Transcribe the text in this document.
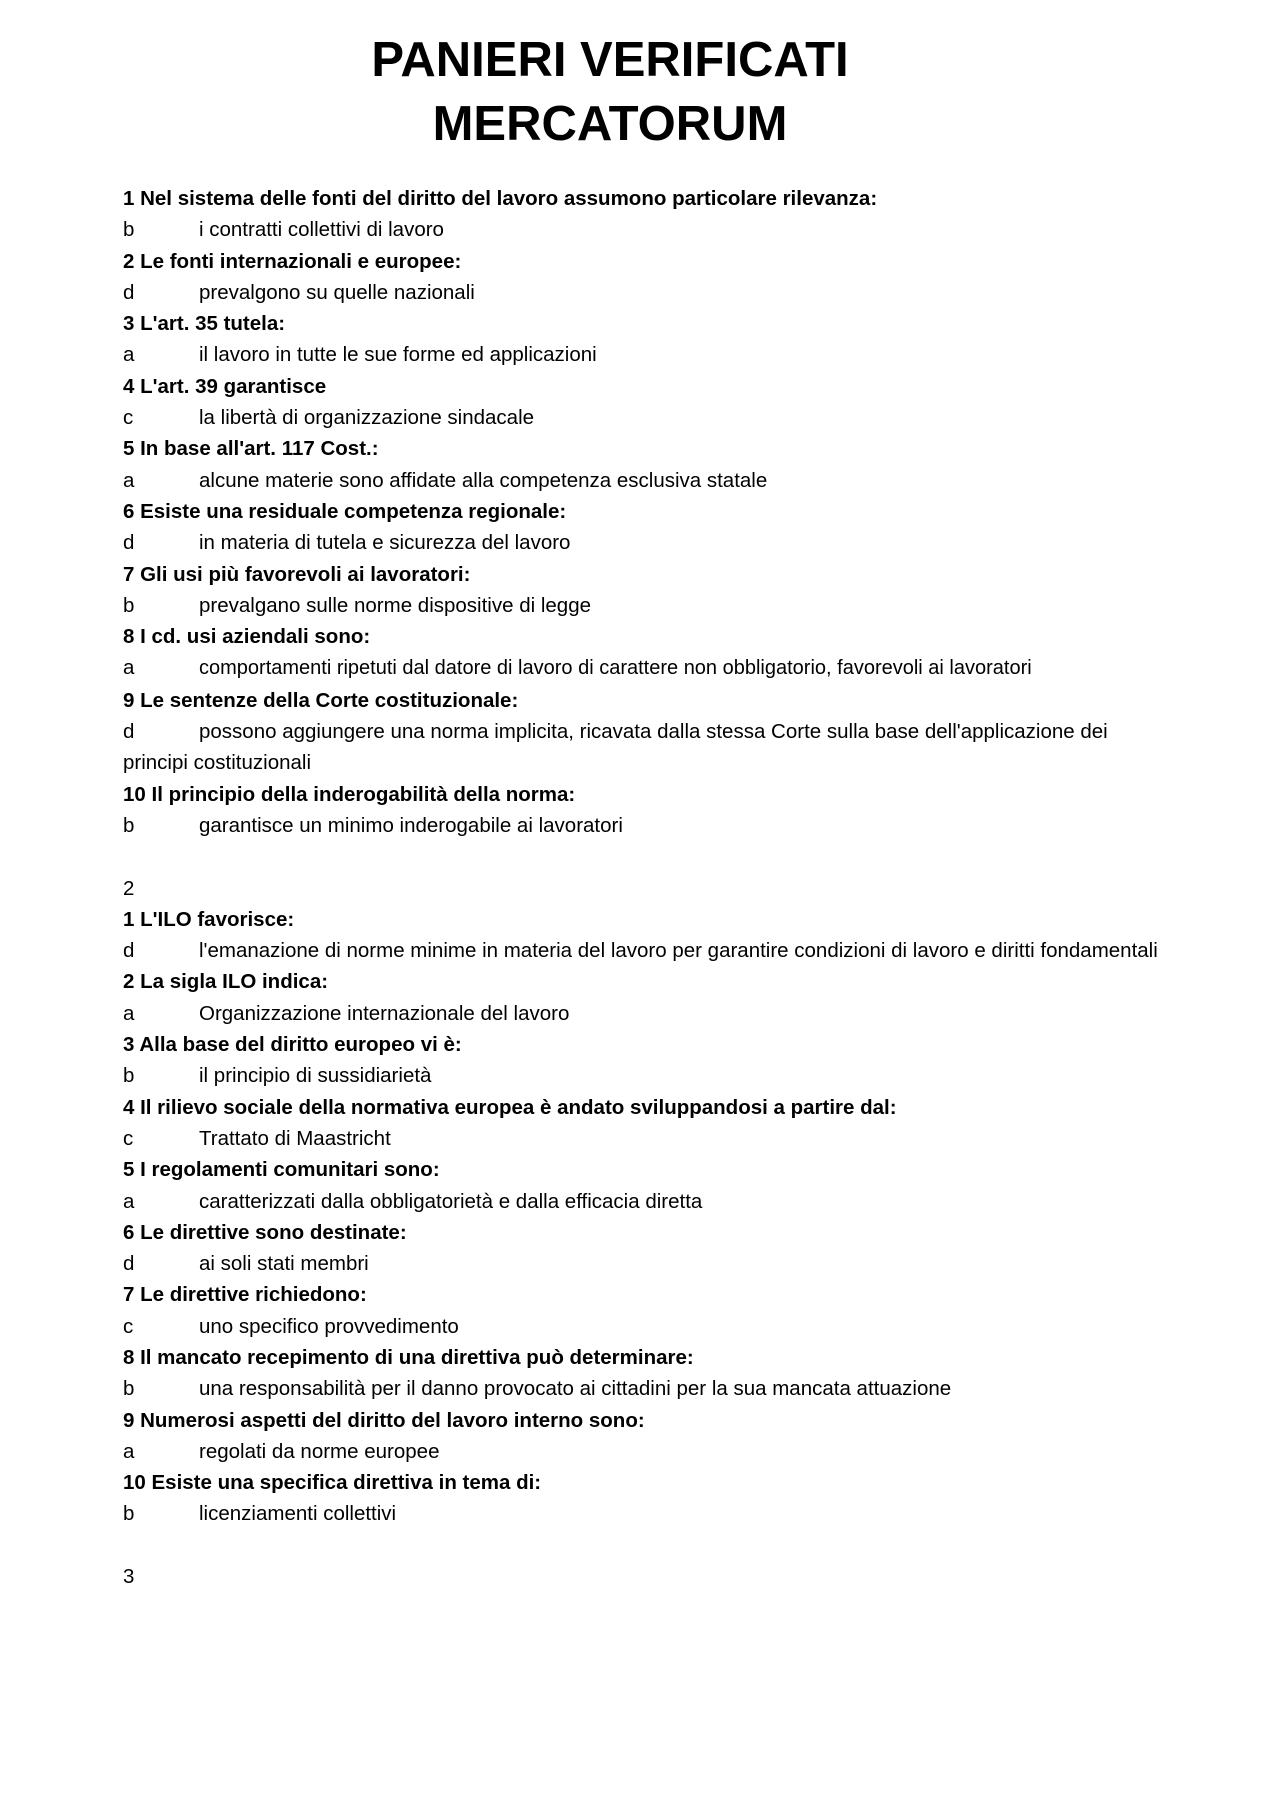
PANIERI VERIFICATI
MERCATORUM
1 Nel sistema delle fonti del diritto del lavoro assumono particolare rilevanza:
b	i contratti collettivi di lavoro
2 Le fonti internazionali e europee:
d	prevalgono su quelle nazionali
3 L'art. 35 tutela:
a	il lavoro in tutte le sue forme ed applicazioni
4 L'art. 39 garantisce
c	la libertà di organizzazione sindacale
5 In base all'art. 117 Cost.:
a	alcune materie sono affidate alla competenza esclusiva statale
6 Esiste una residuale competenza regionale:
d	in materia di tutela e sicurezza del lavoro
7 Gli usi più favorevoli ai lavoratori:
b	prevalgano sulle norme dispositive di legge
8 I cd. usi aziendali sono:
a	comportamenti ripetuti dal datore di lavoro di carattere non obbligatorio, favorevoli ai lavoratori
9 Le sentenze della Corte costituzionale:
d	possono aggiungere una norma implicita, ricavata dalla stessa Corte sulla base dell'applicazione dei principi costituzionali
10 Il principio della inderogabilità della norma:
b	garantisce un minimo inderogabile ai lavoratori
2
1 L'ILO favorisce:
d	l'emanazione di norme minime in materia del lavoro per garantire condizioni di lavoro e diritti fondamentali
2 La sigla ILO indica:
a	Organizzazione internazionale del lavoro
3 Alla base del diritto europeo vi è:
b	il principio di sussidiarietà
4 Il rilievo sociale della normativa europea è andato sviluppandosi a partire dal:
c	Trattato di Maastricht
5 I regolamenti comunitari sono:
a	caratterizzati dalla obbligatorietà e dalla efficacia diretta
6 Le direttive sono destinate:
d	ai soli stati membri
7 Le direttive richiedono:
c	uno specifico provvedimento
8 Il mancato recepimento di una direttiva può determinare:
b	una responsabilità per il danno provocato ai cittadini per la sua mancata attuazione
9 Numerosi aspetti del diritto del lavoro interno sono:
a	regolati da norme europee
10 Esiste una specifica direttiva in tema di:
b	licenziamenti collettivi
3
